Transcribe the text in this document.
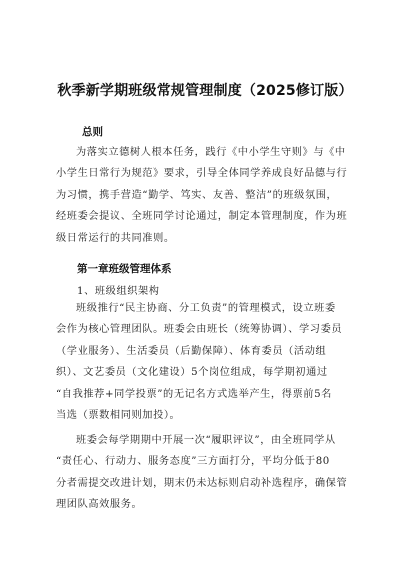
秋季新学期班级常规管理制度（2025修订版）
总则
为落实立德树人根本任务，践行《中小学生守则》与《中
小学生日常行为规范》要求，引导全体同学养成良好品德与行
为习惯，携手营造“勤学、笃实、友善、整洁”的班级氛围，
经班委会提议、全班同学讨论通过，制定本管理制度，作为班
级日常运行的共同准则。
第一章班级管理体系
1、班级组织架构
班级推行“民主协商、分工负责”的管理模式，设立班委
会作为核心管理团队。班委会由班长（统筹协调）、学习委员
（学业服务）、生活委员（后勤保障）、体育委员（活动组
织）、文艺委员（文化建设）5个岗位组成，每学期初通过
“自我推荐+同学投票”的无记名方式选举产生，得票前5名
当选（票数相同则加投）。
班委会每学期期中开展一次“履职评议”，由全班同学从
“责任心、行动力、服务态度”三方面打分，平均分低于80
分者需提交改进计划，期末仍未达标则启动补选程序，确保管
理团队高效服务。
